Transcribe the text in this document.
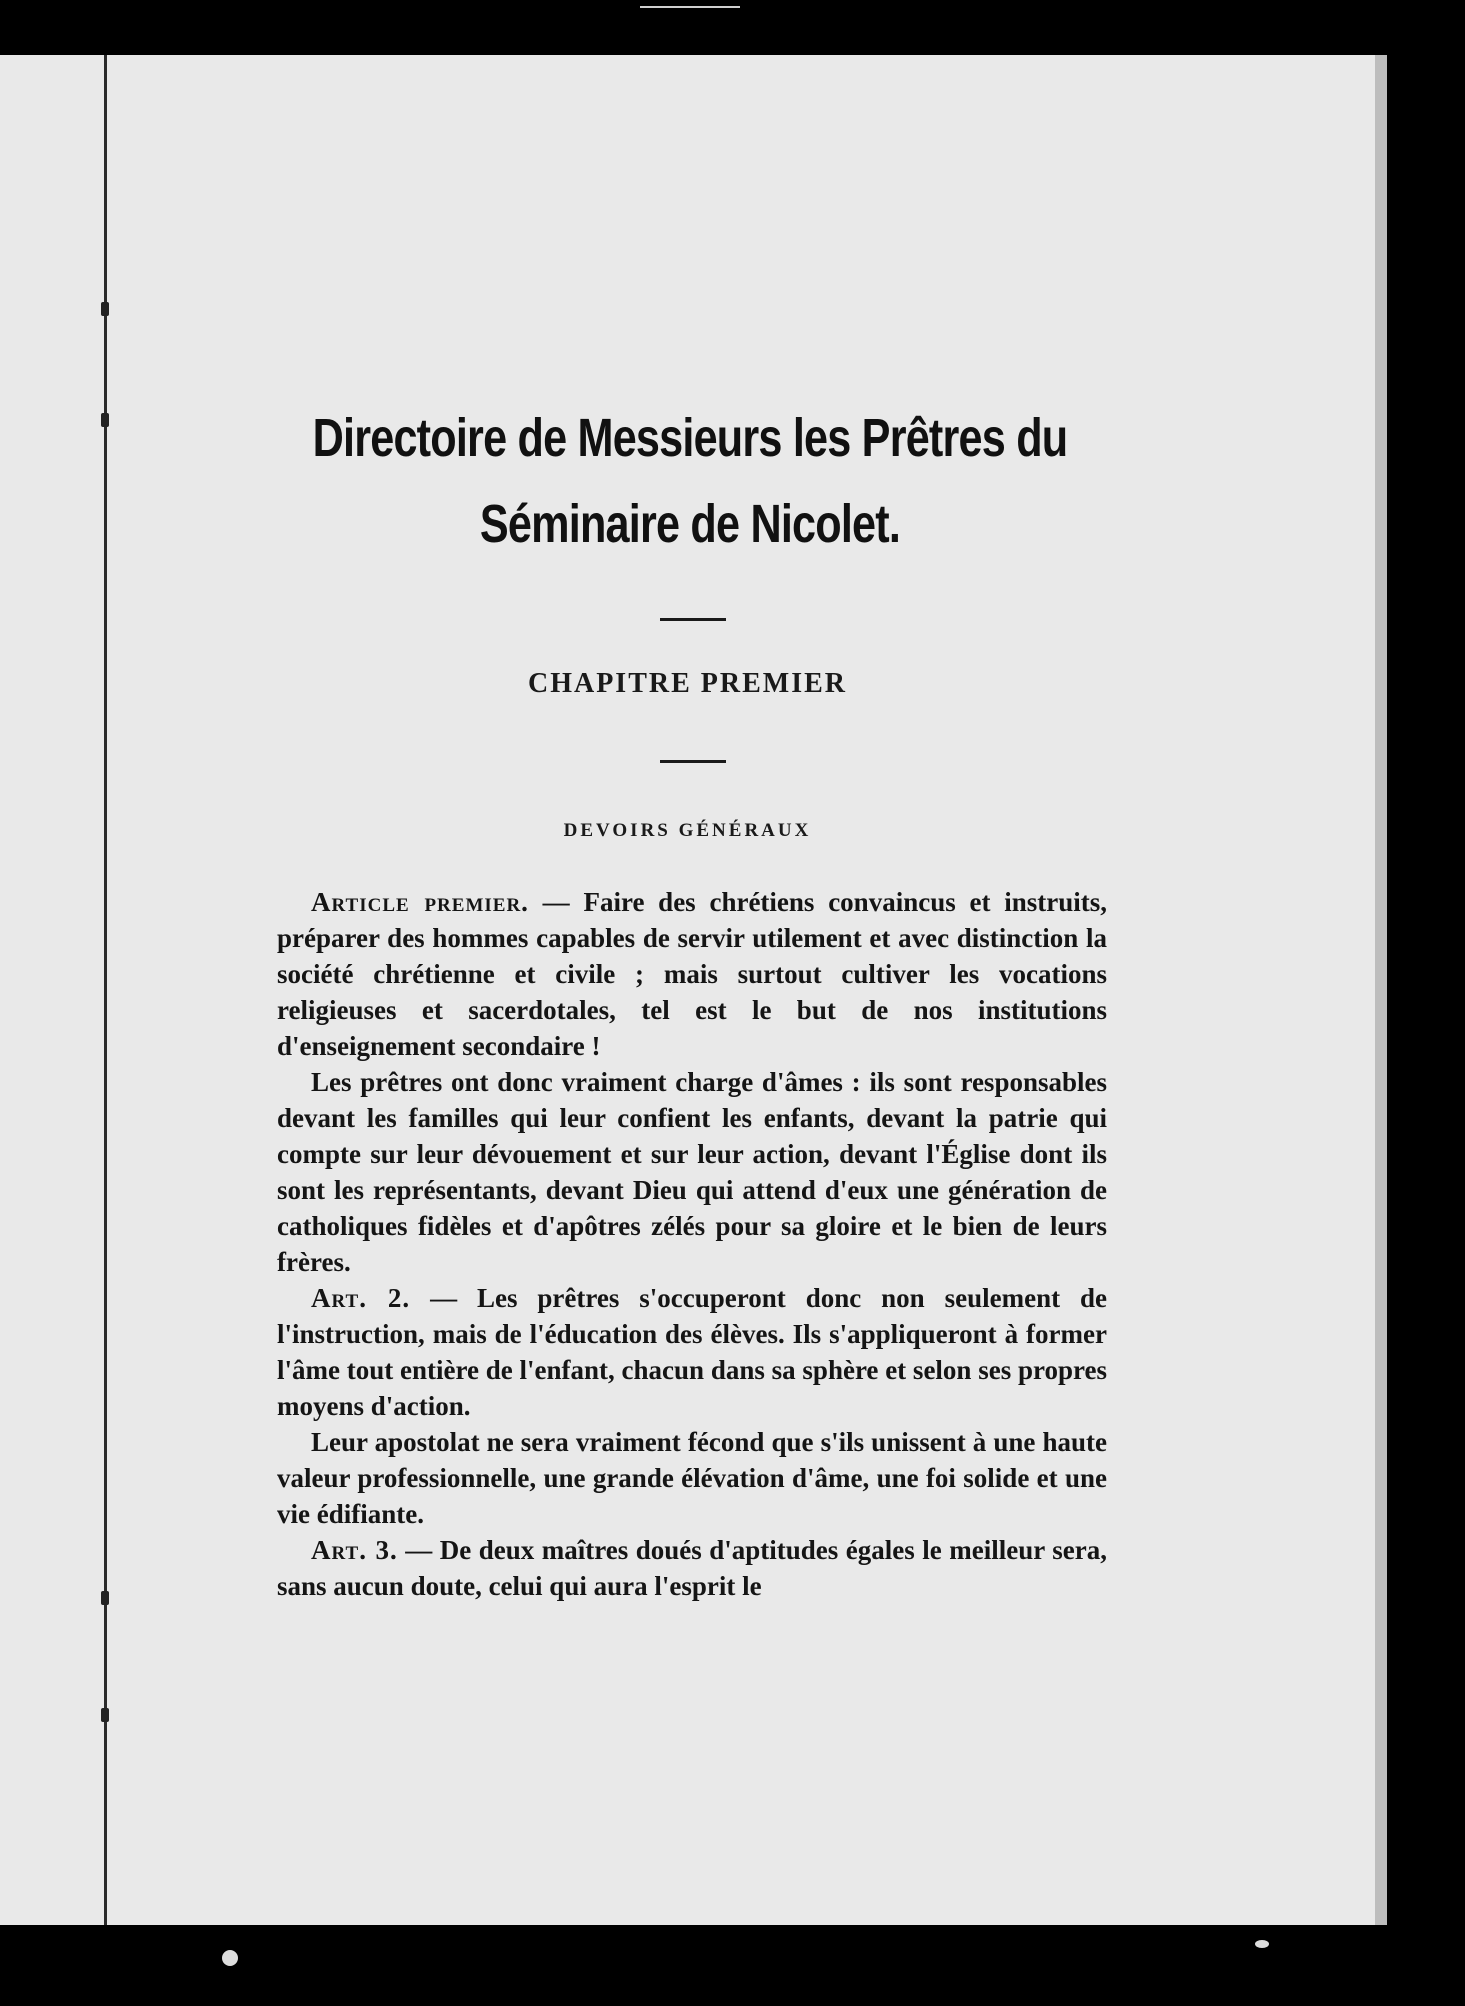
Directoire de Messieurs les Prêtres du
Séminaire de Nicolet.
CHAPITRE PREMIER
DEVOIRS GÉNÉRAUX

Article premier. — Faire des chrétiens convaincus et instruits, préparer des hommes capables de servir utilement et avec distinction la société chrétienne et civile ; mais surtout cultiver les vocations religieuses et sacerdotales, tel est le but de nos institutions d'enseignement secondaire !

Les prêtres ont donc vraiment charge d'âmes : ils sont responsables devant les familles qui leur confient les enfants, devant la patrie qui compte sur leur dévouement et sur leur action, devant l'Église dont ils sont les représentants, devant Dieu qui attend d'eux une génération de catholiques fidèles et d'apôtres zélés pour sa gloire et le bien de leurs frères.

Art. 2. — Les prêtres s'occuperont donc non seulement de l'instruction, mais de l'éducation des élèves. Ils s'appliqueront à former l'âme tout entière de l'enfant, chacun dans sa sphère et selon ses propres moyens d'action.

Leur apostolat ne sera vraiment fécond que s'ils unissent à une haute valeur professionnelle, une grande élévation d'âme, une foi solide et une vie édifiante.

Art. 3. — De deux maîtres doués d'aptitudes égales le meilleur sera, sans aucun doute, celui qui aura l'esprit le
